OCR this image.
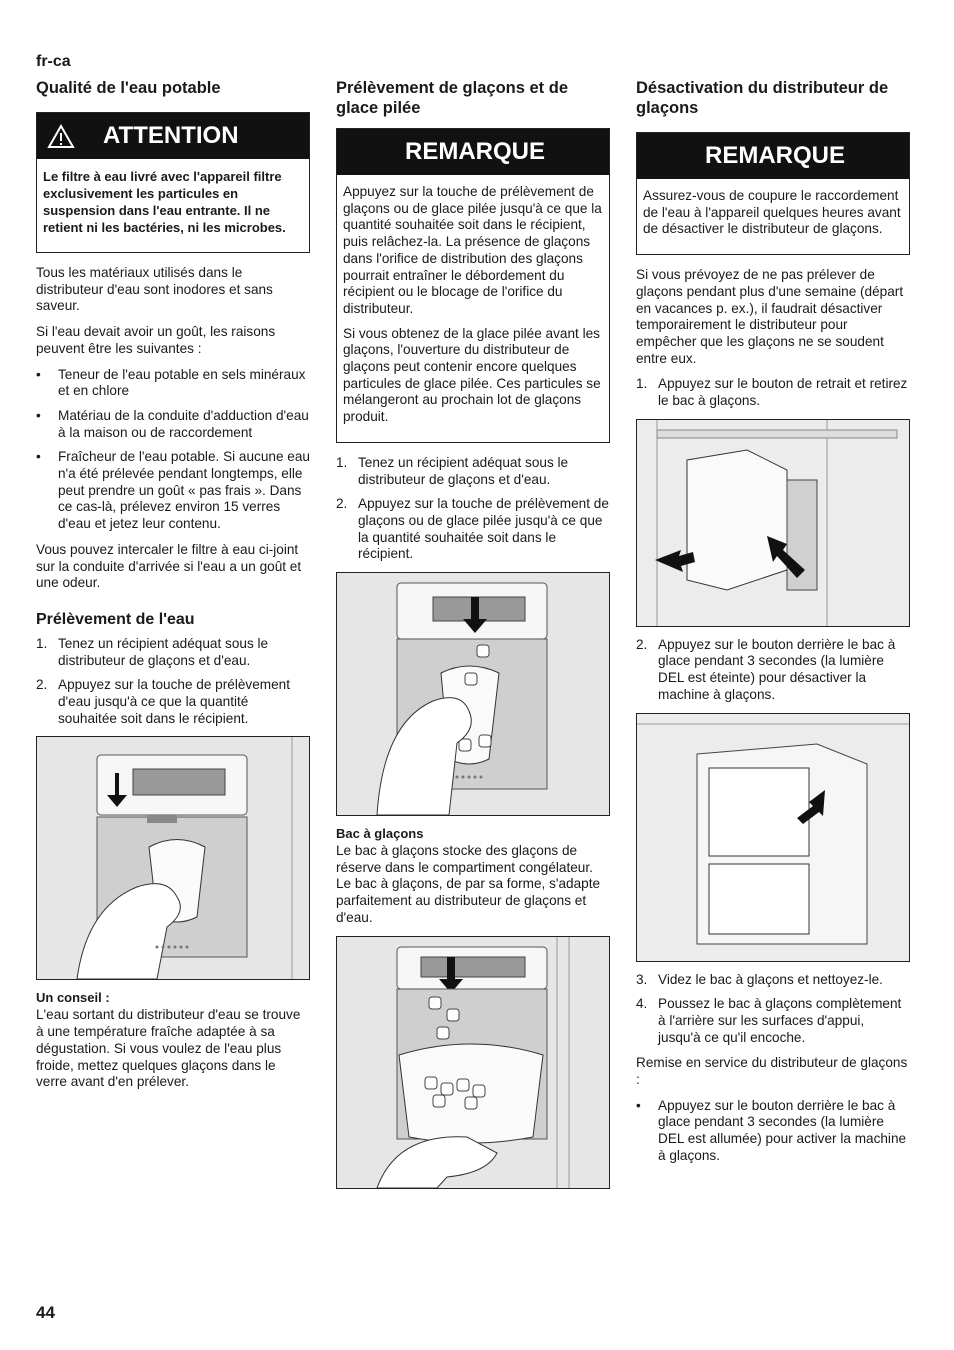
fr-ca
Qualité de l'eau potable
ATTENTION

Le filtre à eau livré avec l'appareil filtre exclusivement les particules en suspension dans l'eau entrante. Il ne retient ni les bactéries, ni les microbes.

Tous les matériaux utilisés dans le distributeur d'eau sont inodores et sans saveur.

Si l'eau devait avoir un goût, les raisons peuvent être les suivantes :

• Teneur de l'eau potable en sels minéraux et en chlore
• Matériau de la conduite d'adduction d'eau à la maison ou de raccordement
• Fraîcheur de l'eau potable. Si aucune eau n'a été prélevée pendant longtemps, elle peut prendre un goût « pas frais ». Dans ce cas-là, prélevez environ 15 verres d'eau et jetez leur contenu.

Vous pouvez intercaler le filtre à eau ci-joint sur la conduite d'arrivée si l'eau a un goût et une odeur.

Prélèvement de l'eau
1. Tenez un récipient adéquat sous le distributeur de glaçons et d'eau.
2. Appuyez sur la touche de prélèvement d'eau jusqu'à ce que la quantité souhaitée soit dans le récipient.
Un conseil :

L'eau sortant du distributeur d'eau se trouve à une température fraîche adaptée à sa dégustation. Si vous voulez de l'eau plus froide, mettez quelques glaçons dans le verre avant d'en prélever.

Prélèvement de glaçons et de glace pilée
REMARQUE

Appuyez sur la touche de prélèvement de glaçons ou de glace pilée jusqu'à ce que la quantité souhaitée soit dans le récipient, puis relâchez-la. La présence de glaçons dans l'orifice de distribution des glaçons pourrait entraîner le débordement du récipient ou le blocage de l'orifice du distributeur.

Si vous obtenez de la glace pilée avant les glaçons, l'ouverture du distributeur de glaçons peut contenir encore quelques particules de glace pilée. Ces particules se mélangeront au prochain lot de glaçons produit.

1. Tenez un récipient adéquat sous le distributeur de glaçons et d'eau.
2. Appuyez sur la touche de prélèvement de glaçons ou de glace pilée jusqu'à ce que la quantité souhaitée soit dans le récipient.
Bac à glaçons

Le bac à glaçons stocke des glaçons de réserve dans le compartiment congélateur. Le bac à glaçons, de par sa forme, s'adapte parfaitement au distributeur de glaçons et d'eau.

Désactivation du distributeur de glaçons
REMARQUE

Assurez-vous de coupure le raccordement de l'eau à l'appareil quelques heures avant de désactiver le distributeur de glaçons.

Si vous prévoyez de ne pas prélever de glaçons pendant plus d'une semaine (départ en vacances p. ex.), il faudrait désactiver temporairement le distributeur pour empêcher que les glaçons ne se soudent entre eux.

1. Appuyez sur le bouton de retrait et retirez le bac à glaçons.
2. Appuyez sur le bouton derrière le bac à glace pendant 3 secondes (la lumière DEL est éteinte) pour désactiver la machine à glaçons.
3. Videz le bac à glaçons et nettoyez-le.
4. Poussez le bac à glaçons complètement à l'arrière sur les surfaces d'appui, jusqu'à ce qu'il encoche.

Remise en service du distributeur de glaçons :

• Appuyez sur le bouton derrière le bac à glace pendant 3 secondes (la lumière DEL est allumée) pour activer la machine à glaçons.
44
